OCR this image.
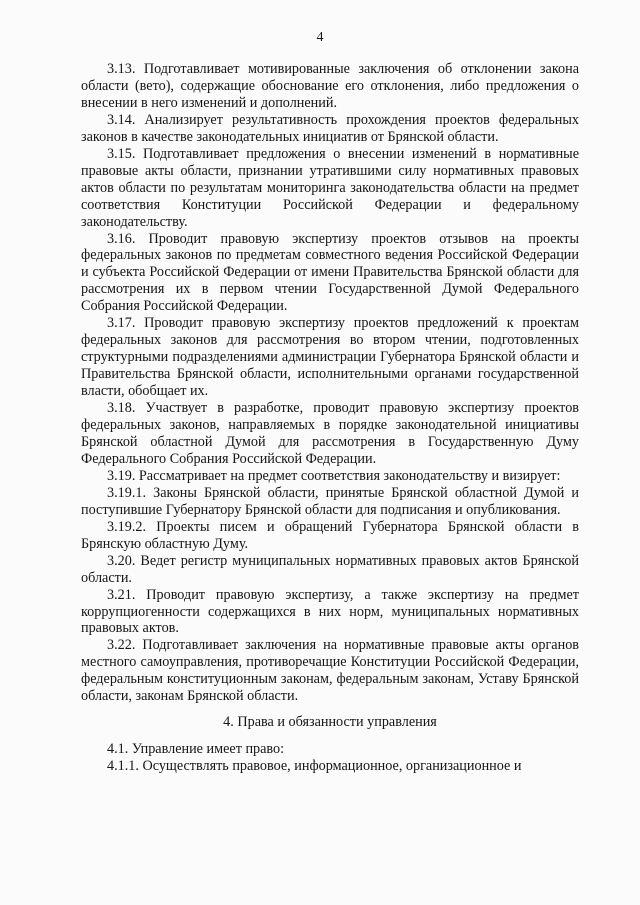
4

3.13. Подготавливает мотивированные заключения об отклонении закона области (вето), содержащие обоснование его отклонения, либо предложения о внесении в него изменений и дополнений.

3.14. Анализирует результативность прохождения проектов федеральных законов в качестве законодательных инициатив от Брянской области.

3.15. Подготавливает предложения о внесении изменений в нормативные правовые акты области, признании утратившими силу нормативных правовых актов области по результатам мониторинга законодательства области на предмет соответствия Конституции Российской Федерации и федеральному законодательству.

3.16. Проводит правовую экспертизу проектов отзывов на проекты федеральных законов по предметам совместного ведения Российской Федерации и субъекта Российской Федерации от имени Правительства Брянской области для рассмотрения их в первом чтении Государственной Думой Федерального Собрания Российской Федерации.

3.17. Проводит правовую экспертизу проектов предложений к проектам федеральных законов для рассмотрения во втором чтении, подготовленных структурными подразделениями администрации Губернатора Брянской области и Правительства Брянской области, исполнительными органами государственной власти, обобщает их.

3.18. Участвует в разработке, проводит правовую экспертизу проектов федеральных законов, направляемых в порядке законодательной инициативы Брянской областной Думой для рассмотрения в Государственную Думу Федерального Собрания Российской Федерации.

3.19. Рассматривает на предмет соответствия законодательству и визирует:

3.19.1. Законы Брянской области, принятые Брянской областной Думой и поступившие Губернатору Брянской области для подписания и опубликования.

3.19.2. Проекты писем и обращений Губернатора Брянской области в Брянскую областную Думу.

3.20. Ведет регистр муниципальных нормативных правовых актов Брянской области.

3.21. Проводит правовую экспертизу, а также экспертизу на предмет коррупциогенности содержащихся в них норм, муниципальных нормативных правовых актов.

3.22. Подготавливает заключения на нормативные правовые акты органов местного самоуправления, противоречащие Конституции Российской Федерации, федеральным конституционным законам, федеральным законам, Уставу Брянской области, законам Брянской области.

4. Права и обязанности управления

4.1. Управление имеет право:

4.1.1. Осуществлять правовое, информационное, организационное и
